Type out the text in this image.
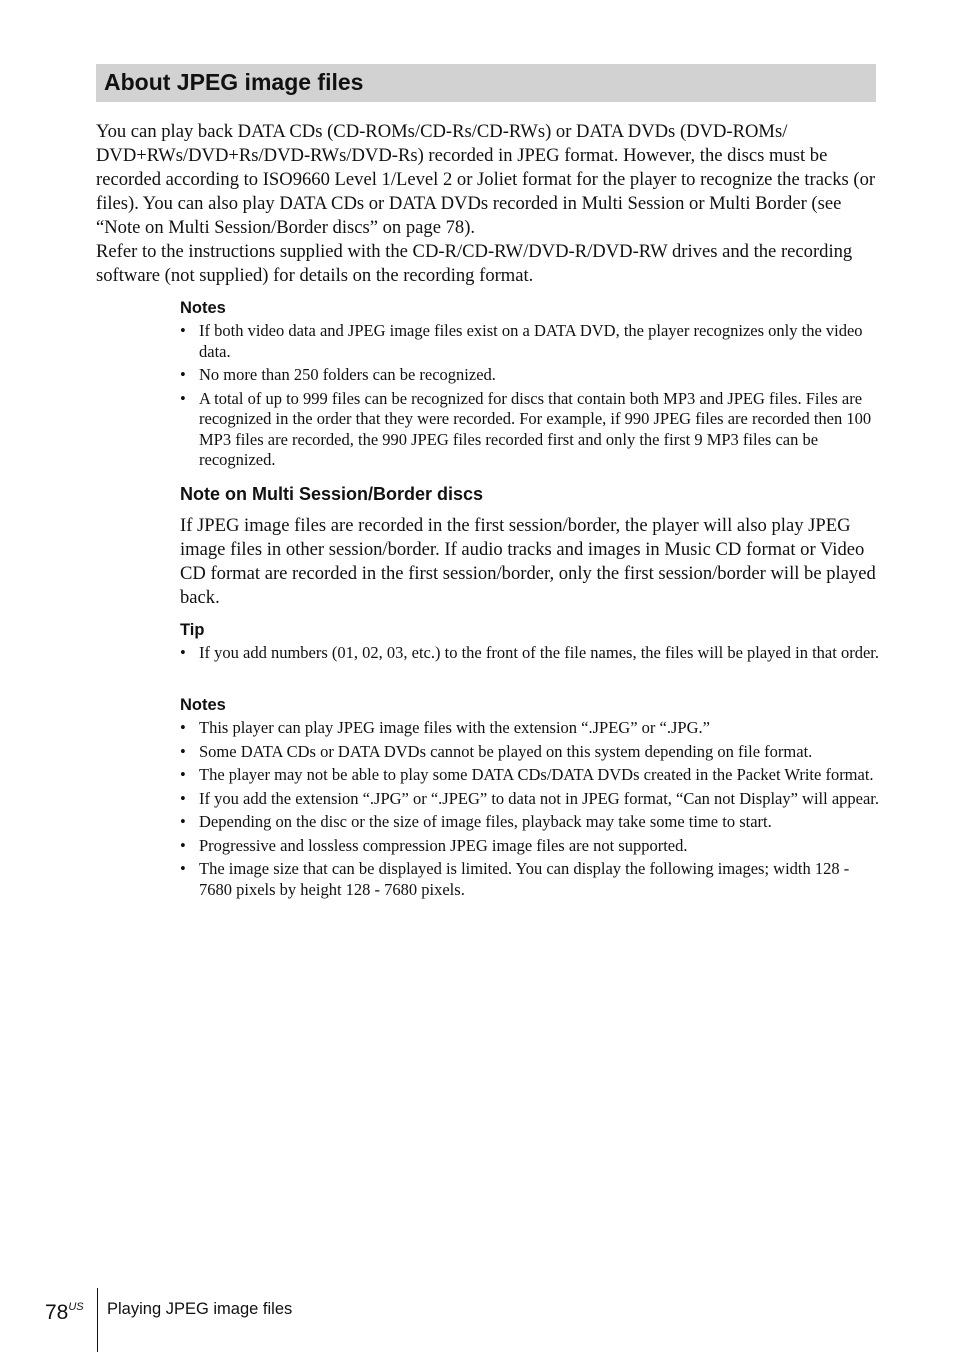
About JPEG image files

You can play back DATA CDs (CD-ROMs/CD-Rs/CD-RWs) or DATA DVDs (DVD-ROMs/ DVD+RWs/DVD+Rs/DVD-RWs/DVD-Rs) recorded in JPEG format. However, the discs must be recorded according to ISO9660 Level 1/Level 2 or Joliet format for the player to recognize the tracks (or files). You can also play DATA CDs or DATA DVDs recorded in Multi Session or Multi Border (see “Note on Multi Session/Border discs” on page 78).

Refer to the instructions supplied with the CD-R/CD-RW/DVD-R/DVD-RW drives and the recording software (not supplied) for details on the recording format.

Notes

• If both video data and JPEG image files exist on a DATA DVD, the player recognizes only the video data.
• No more than 250 folders can be recognized.
• A total of up to 999 files can be recognized for discs that contain both MP3 and JPEG files. Files are recognized in the order that they were recorded. For example, if 990 JPEG files are recorded then 100 MP3 files are recorded, the 990 JPEG files recorded first and only the first 9 MP3 files can be recognized.

Note on Multi Session/Border discs

If JPEG image files are recorded in the first session/border, the player will also play JPEG image files in other session/border. If audio tracks and images in Music CD format or Video CD format are recorded in the first session/border, only the first session/border will be played back.

Tip

• If you add numbers (01, 02, 03, etc.) to the front of the file names, the files will be played in that order.

Notes

• This player can play JPEG image files with the extension “.JPEG” or “.JPG.”
• Some DATA CDs or DATA DVDs cannot be played on this system depending on file format.
• The player may not be able to play some DATA CDs/DATA DVDs created in the Packet Write format.
• If you add the extension “.JPG” or “.JPEG” to data not in JPEG format, “Can not Display” will appear.
• Depending on the disc or the size of image files, playback may take some time to start.
• Progressive and lossless compression JPEG image files are not supported.
• The image size that can be displayed is limited. You can display the following images; width 128 - 7680 pixels by height 128 - 7680 pixels.
$78^{US}$ Playing JPEG image files
